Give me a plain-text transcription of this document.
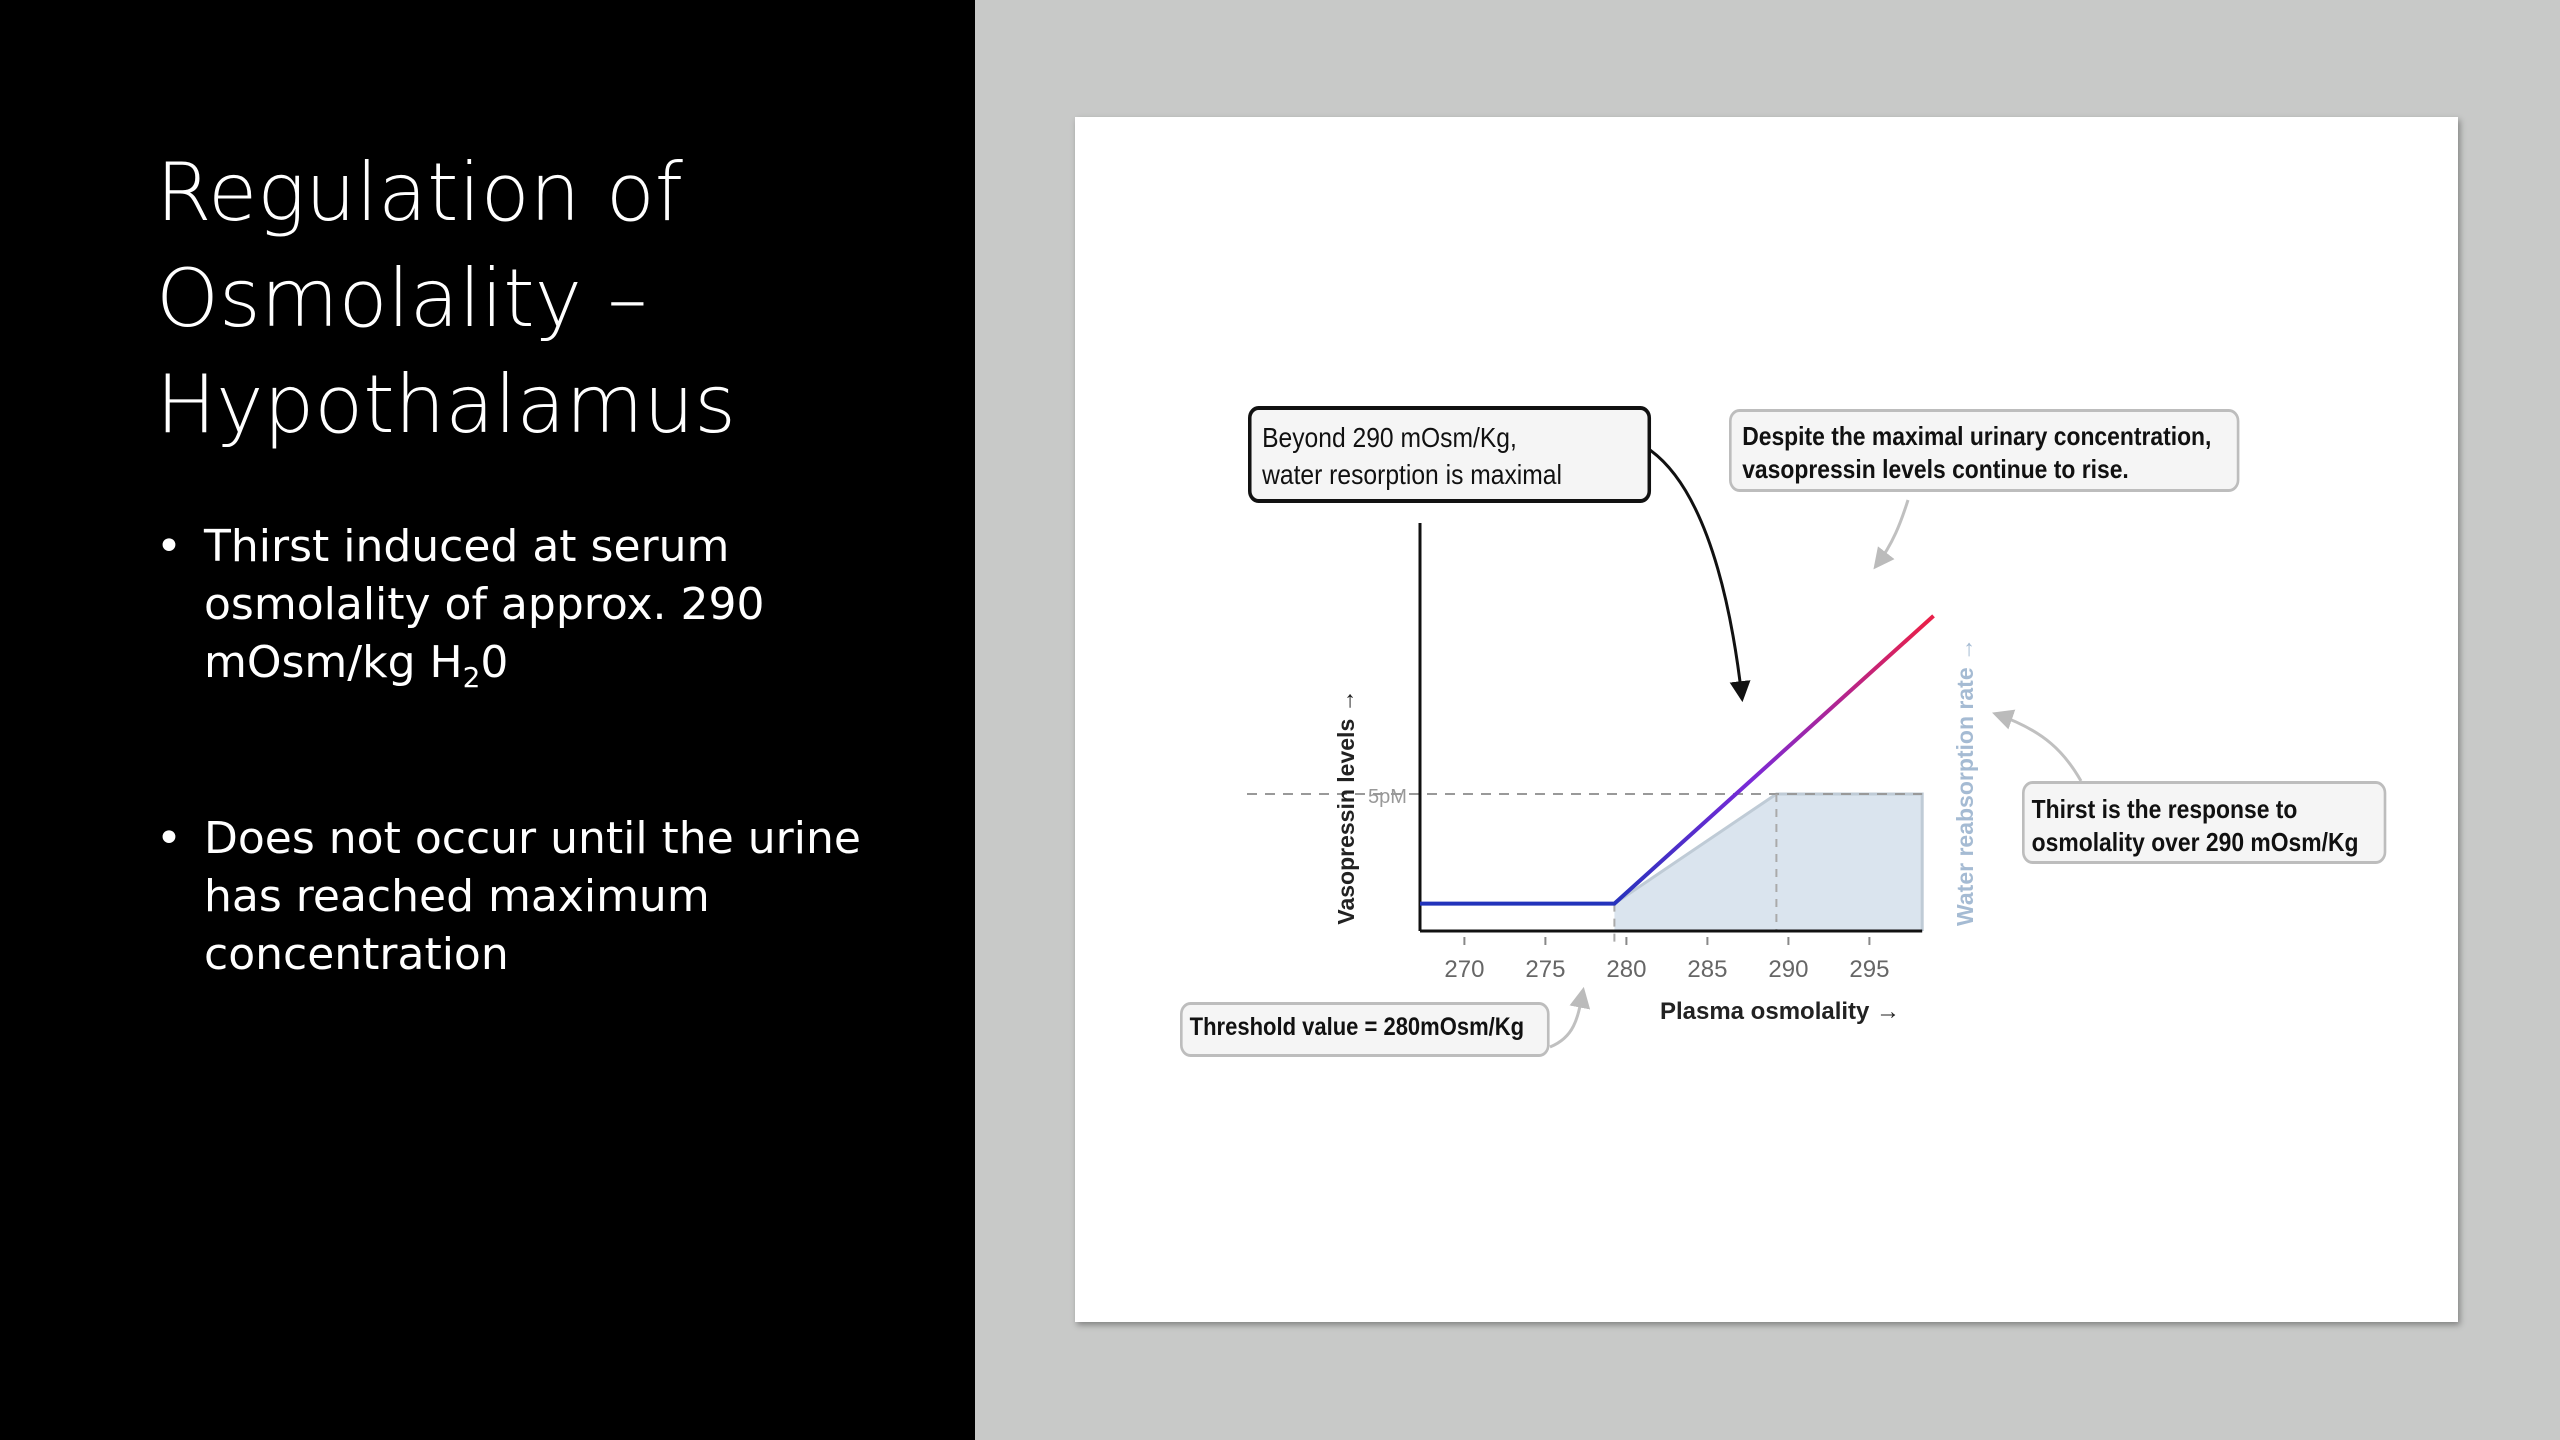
Regulation of
Osmolality –
Hypothalamus
• Thirst induced at serum
osmolality of approx. 290
mOsm/kg $H_20$
• Does not occur until the urine
has reached maximum
concentration
5pM
270 275 280 285 290 295
Plasma osmolality →
Vasopressin levels →	Water reabsorption rate →
Beyond 290 mOsm/Kg,
water resorption is maximal
Despite the maximal urinary concentration,
vasopressin levels continue to rise.
Thirst is the response to
osmolality over 290 mOsm/Kg
Threshold value = 280mOsm/Kg
